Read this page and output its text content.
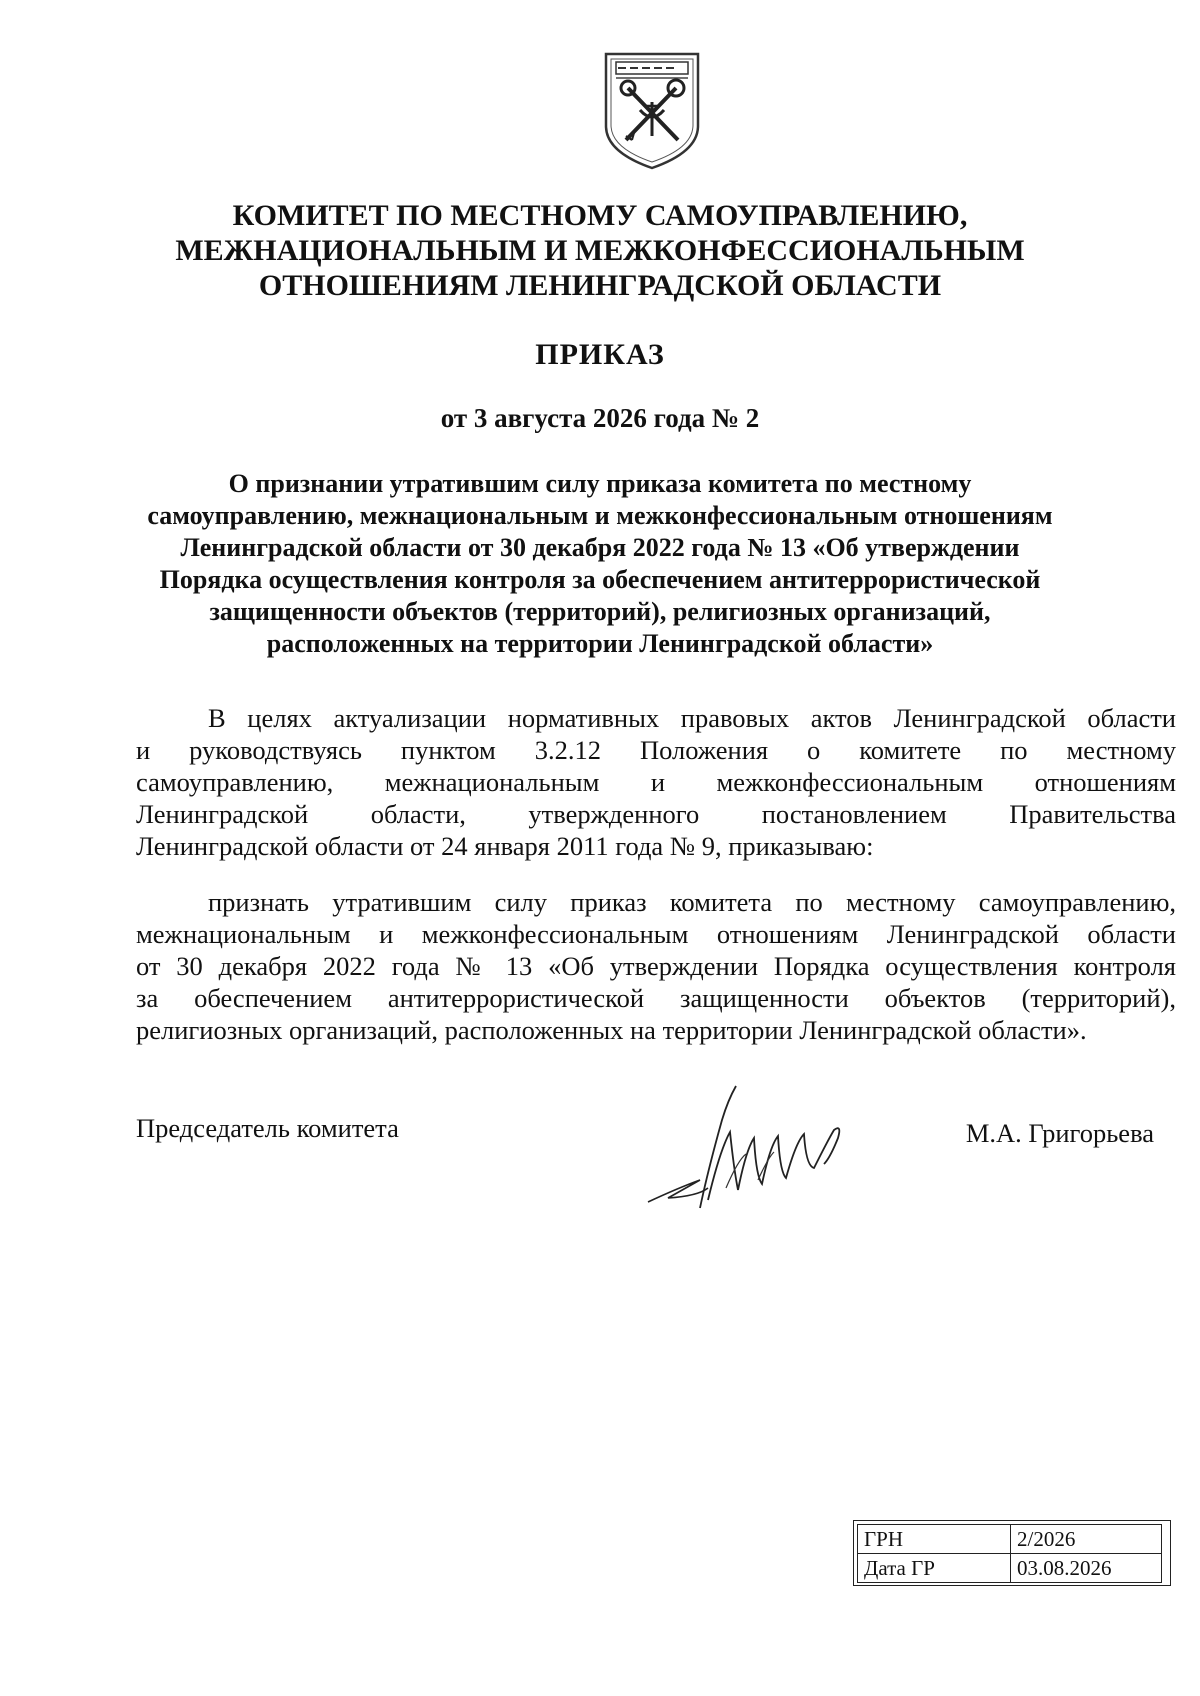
КОМИТЕТ ПО МЕСТНОМУ САМОУПРАВЛЕНИЮ,
МЕЖНАЦИОНАЛЬНЫМ И МЕЖКОНФЕССИОНАЛЬНЫМ
ОТНОШЕНИЯМ ЛЕНИНГРАДСКОЙ ОБЛАСТИ
ПРИКАЗ
от 3 августа 2026 года № 2
О признании утратившим силу приказа комитета по местному
самоуправлению, межнациональным и межконфессиональным отношениям
Ленинградской области от 30 декабря 2022 года № 13 «Об утверждении
Порядка осуществления контроля за обеспечением антитеррористической
защищенности объектов (территорий), религиозных организаций,
расположенных на территории Ленинградской области»
В целях актуализации нормативных правовых актов Ленинградской области
и руководствуясь пунктом 3.2.12 Положения о комитете по местному
самоуправлению, межнациональным и межконфессиональным отношениям
Ленинградской области, утвержденного постановлением Правительства
Ленинградской области от 24 января 2011 года № 9, приказываю:
признать утратившим силу приказ комитета по местному самоуправлению,
межнациональным и межконфессиональным отношениям Ленинградской области
от 30 декабря 2022 года № 13 «Об утверждении Порядка осуществления контроля
за обеспечением антитеррористической защищенности объектов (территорий),
религиозных организаций, расположенных на территории Ленинградской области».
Председатель комитета	М.А. Григорьева
ГРН	2/2026
Дата ГР	03.08.2026
